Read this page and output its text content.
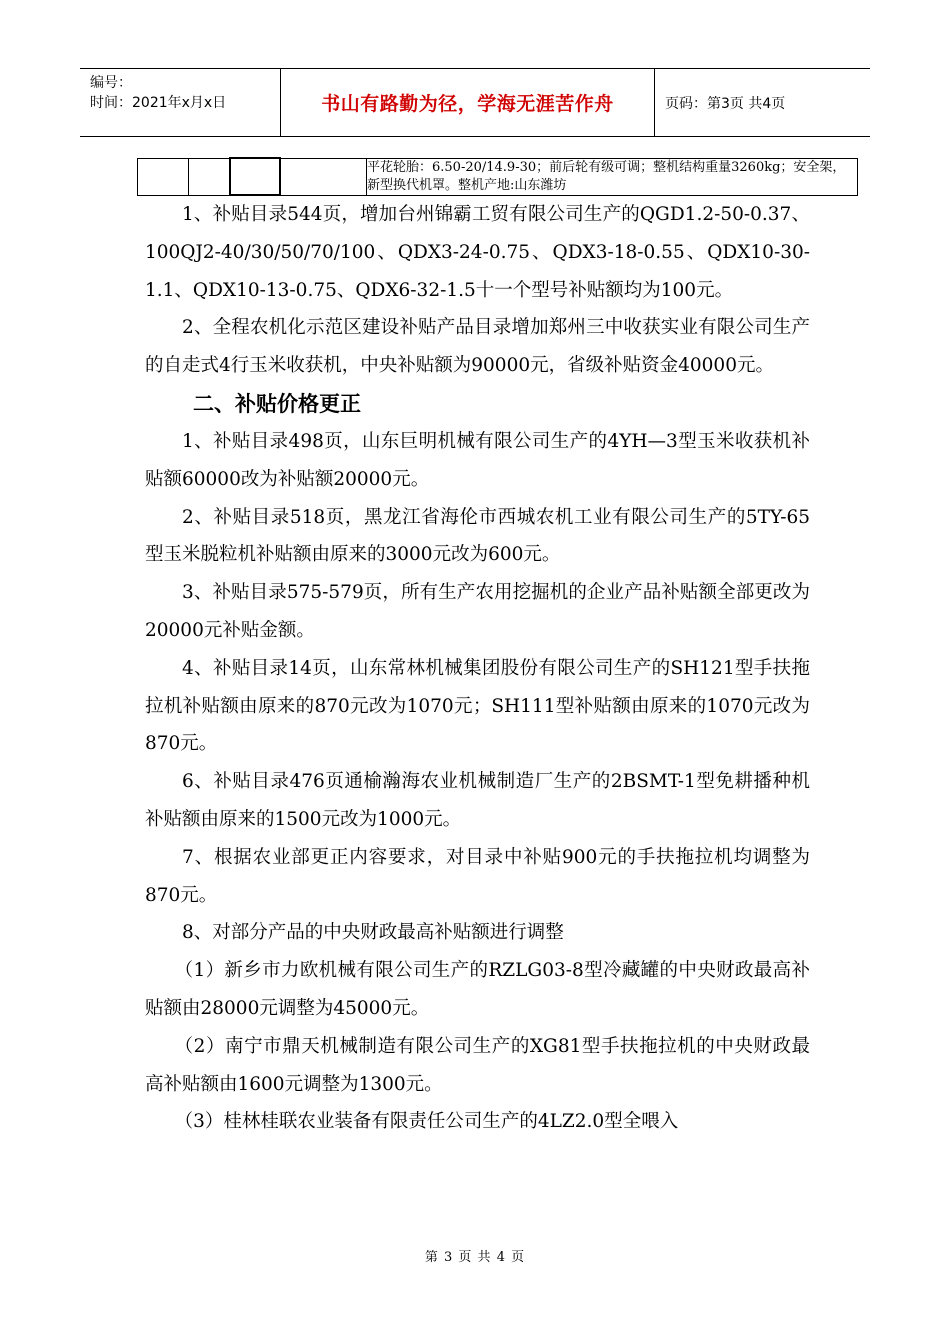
编号：
时间：2021年x月x日	书山有路勤为径，学海无涯苦作舟	页码：第3页 共4页
				平花轮胎：6.50-20/14.9-30；前后轮有级可调；整机结构重量3260kg；安全架，新型换代机罩。整机产地:山东潍坊

1、补贴目录544页，增加台州锦霸工贸有限公司生产的QGD1.2-50-0.37、100QJ2-40/30/50/70/100、QDX3-24-0.75、QDX3-18-0.55、QDX10-30-1.1、QDX10-13-0.75、QDX6-32-1.5十一个型号补贴额均为100元。

2、全程农机化示范区建设补贴产品目录增加郑州三中收获实业有限公司生产的自走式4行玉米收获机，中央补贴额为90000元，省级补贴资金40000元。

二、补贴价格更正

1、补贴目录498页，山东巨明机械有限公司生产的4YH—3型玉米收获机补贴额60000改为补贴额20000元。

2、补贴目录518页，黑龙江省海伦市西城农机工业有限公司生产的5TY-65型玉米脱粒机补贴额由原来的3000元改为600元。

3、补贴目录575-579页，所有生产农用挖掘机的企业产品补贴额全部更改为20000元补贴金额。

4、补贴目录14页，山东常林机械集团股份有限公司生产的SH121型手扶拖拉机补贴额由原来的870元改为1070元；SH111型补贴额由原来的1070元改为870元。

6、补贴目录476页通榆瀚海农业机械制造厂生产的2BSMT-1型免耕播种机补贴额由原来的1500元改为1000元。

7、根据农业部更正内容要求，对目录中补贴900元的手扶拖拉机均调整为870元。

8、对部分产品的中央财政最高补贴额进行调整

（1）新乡市力欧机械有限公司生产的RZLG03-8型冷藏罐的中央财政最高补贴额由28000元调整为45000元。

（2）南宁市鼎天机械制造有限公司生产的XG81型手扶拖拉机的中央财政最高补贴额由1600元调整为1300元。

（3）桂林桂联农业装备有限责任公司生产的4LZ2.0型全喂入

第 3 页 共 4 页
